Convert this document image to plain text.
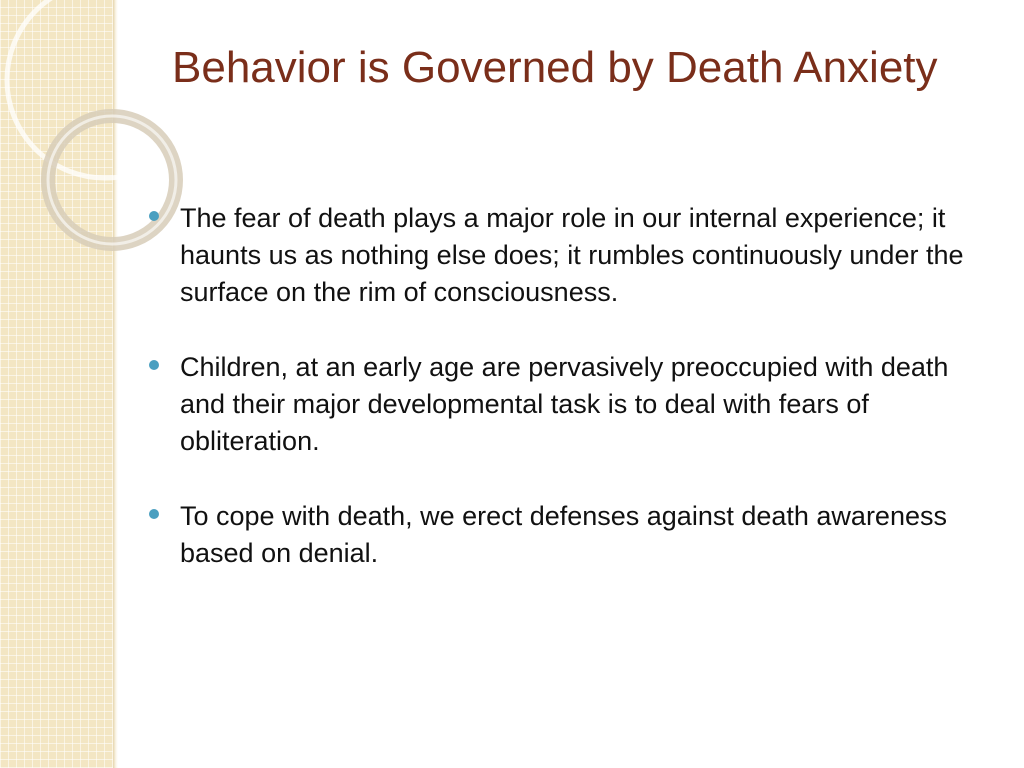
Behavior is Governed by Death Anxiety
The fear of death plays a major role in our internal experience; it haunts us as nothing else does; it rumbles continuously under the surface on the rim of consciousness.
Children, at an early age are pervasively preoccupied with death and their major developmental task is to deal with fears of obliteration.
To cope with death, we erect defenses against death awareness based on denial.
